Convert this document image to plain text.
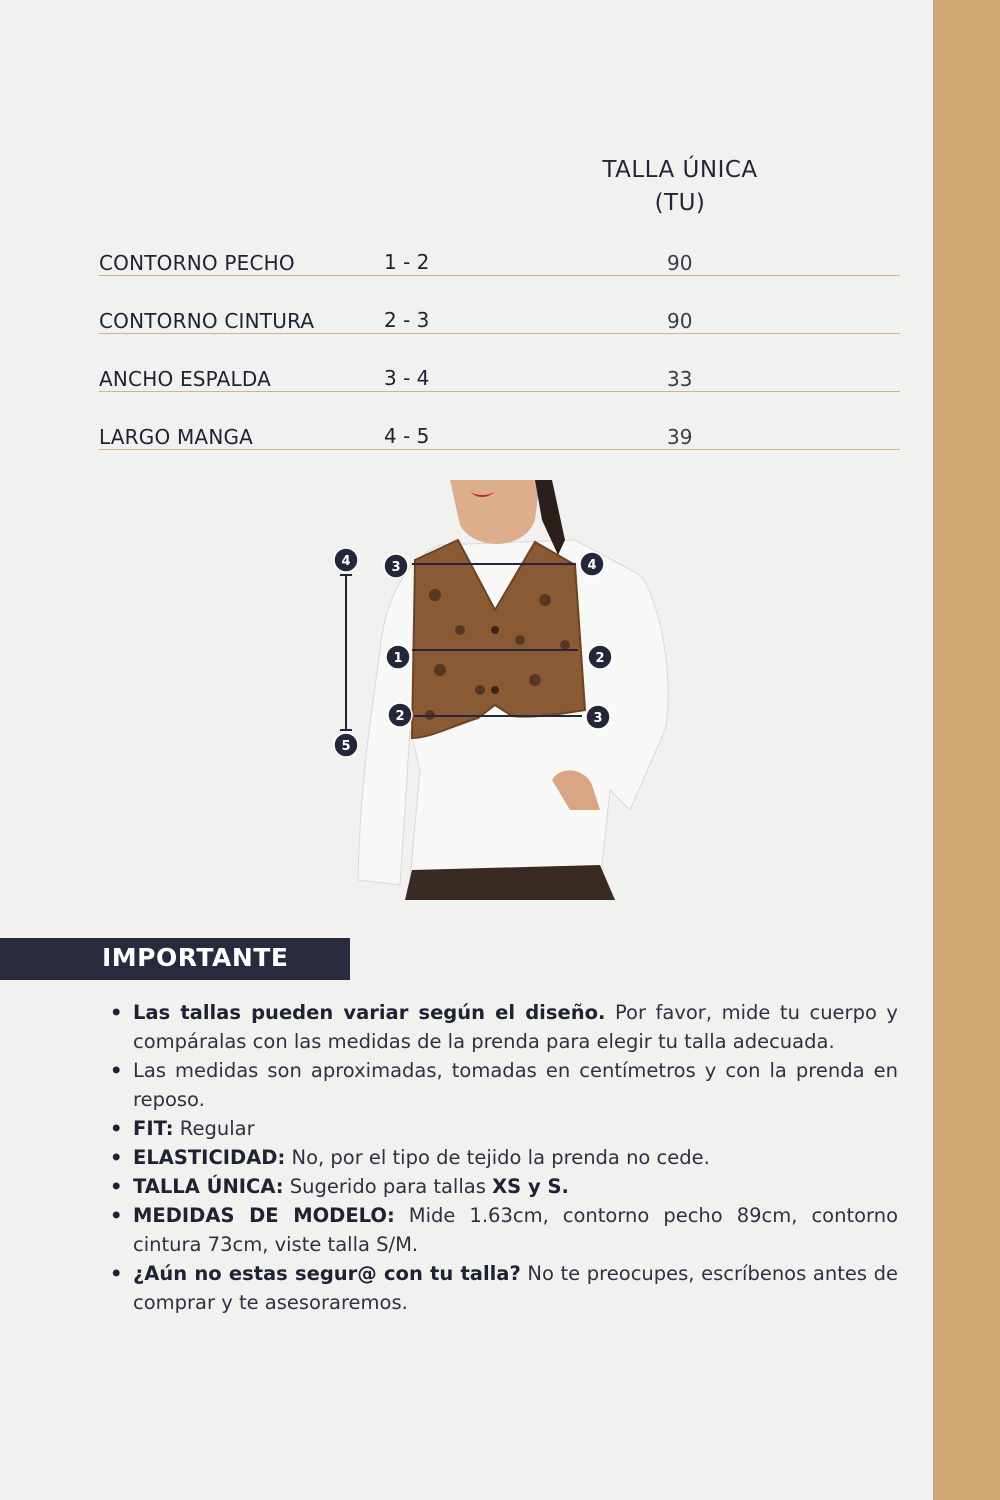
TALLA ÚNICA
(TU)
CONTORNO PECHO	1 - 2	90
CONTORNO CINTURA	2 - 3	90
ANCHO ESPALDA	3 - 4	33
LARGO MANGA	4 - 5	39
4
5
3	4
1	2
2	3
IMPORTANTE
• Las tallas pueden variar según el diseño. Por favor, mide tu cuerpo y compáralas con las medidas de la prenda para elegir tu talla adecuada.
• Las medidas son aproximadas, tomadas en centímetros y con la prenda en reposo.
• FIT: Regular
• ELASTICIDAD: No, por el tipo de tejido la prenda no cede.
• TALLA ÚNICA: Sugerido para tallas XS y S.
• MEDIDAS DE MODELO: Mide 1.63cm, contorno pecho 89cm, contorno cintura 73cm, viste talla S/M.
• ¿Aún no estas segur@ con tu talla? No te preocupes, escríbenos antes de comprar y te asesoraremos.
